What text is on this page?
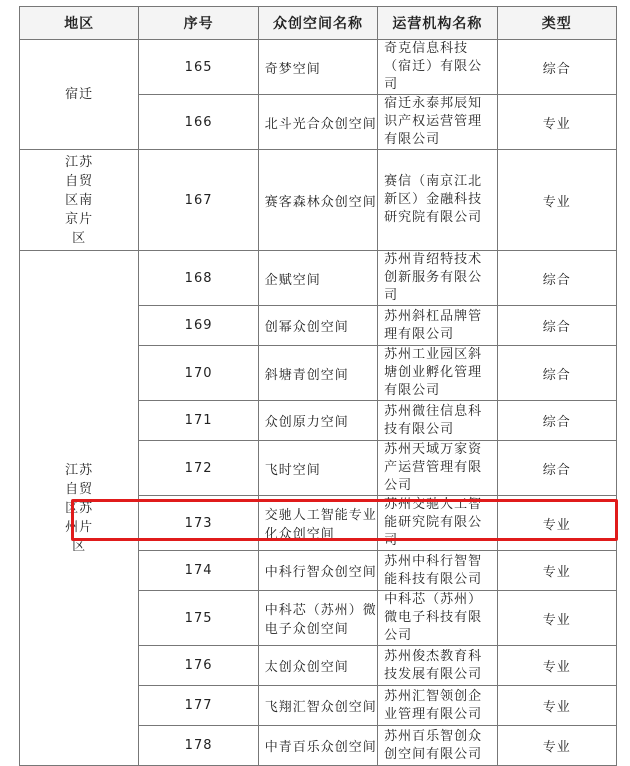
地区	序号	众创空间名称	运营机构名称	类型
宿迁	165	奇梦空间	奇克信息科技（宿迁）有限公司	综合
	166	北斗光合众创空间	宿迁永泰邦辰知识产权运营管理有限公司	专业
江苏自贸区南京片区	167	赛客森林众创空间	赛信（南京江北新区）金融科技研究院有限公司	专业
江苏自贸区苏州片区	168	企赋空间	苏州肯绍特技术创新服务有限公司	综合
	169	创幂众创空间	苏州斜杠品牌管理有限公司	综合
	170	斜塘青创空间	苏州工业园区斜塘创业孵化管理有限公司	综合
	171	众创原力空间	苏州微往信息科技有限公司	综合
	172	飞时空间	苏州天域万家资产运营管理有限公司	综合
	173	交驰人工智能专业化众创空间	苏州交驰人工智能研究院有限公司	专业
	174	中科行智众创空间	苏州中科行智智能科技有限公司	专业
	175	中科芯（苏州）微电子众创空间	中科芯（苏州）微电子科技有限公司	专业
	176	太创众创空间	苏州俊杰教育科技发展有限公司	专业
	177	飞翔汇智众创空间	苏州汇智领创企业管理有限公司	专业
	178	中青百乐众创空间	苏州百乐智创众创空间有限公司	专业
